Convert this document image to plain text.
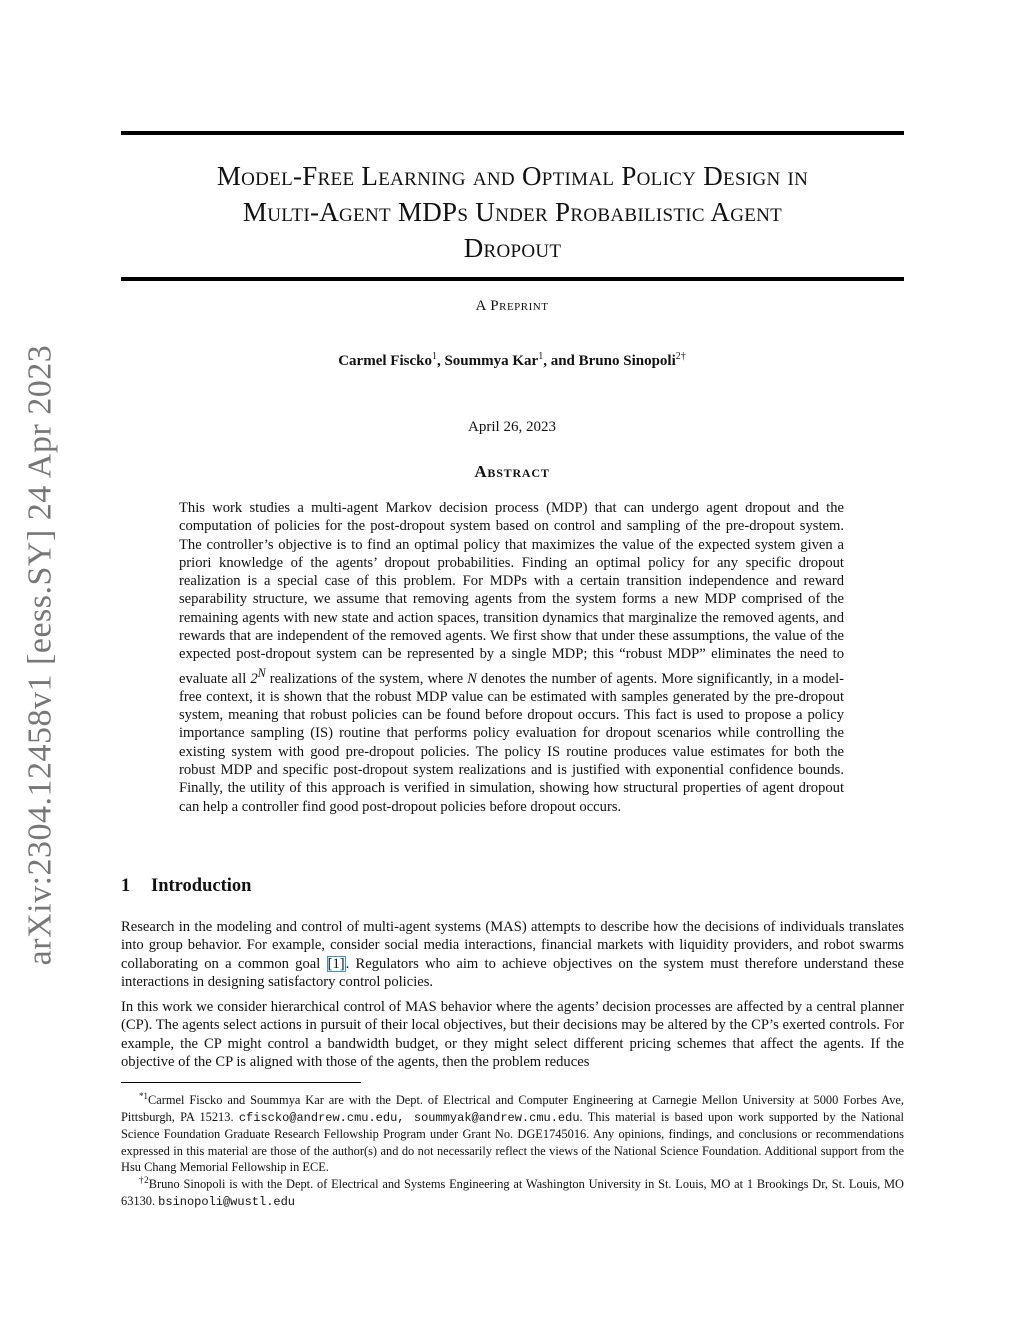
arXiv:2304.12458v1 [eess.SY] 24 Apr 2023
Model-Free Learning and Optimal Policy Design in
Multi-Agent MDPs Under Probabilistic Agent
Dropout
A Preprint
Carmel Fiscko$^1$, Soummya Kar$^1$, and Bruno Sinopoli$^{2\dagger}$
April 26, 2023
Abstract
This work studies a multi-agent Markov decision process (MDP) that can undergo agent dropout and the computation of policies for the post-dropout system based on control and sampling of the pre-dropout system. The controller’s objective is to find an optimal policy that maximizes the value of the expected system given a priori knowledge of the agents’ dropout probabilities. Finding an optimal policy for any specific dropout realization is a special case of this problem. For MDPs with a certain transition independence and reward separability structure, we assume that removing agents from the system forms a new MDP comprised of the remaining agents with new state and action spaces, transition dynamics that marginalize the removed agents, and rewards that are independent of the removed agents. We first show that under these assumptions, the value of the expected post-dropout system can be represented by a single MDP; this “robust MDP” eliminates the need to evaluate all $2^N$ realizations of the system, where N denotes the number of agents. More significantly, in a model-free context, it is shown that the robust MDP value can be estimated with samples generated by the pre-dropout system, meaning that robust policies can be found before dropout occurs. This fact is used to propose a policy importance sampling (IS) routine that performs policy evaluation for dropout scenarios while controlling the existing system with good pre-dropout policies. The policy IS routine produces value estimates for both the robust MDP and specific post-dropout system realizations and is justified with exponential confidence bounds. Finally, the utility of this approach is verified in simulation, showing how structural properties of agent dropout can help a controller find good post-dropout policies before dropout occurs.
1 Introduction
Research in the modeling and control of multi-agent systems (MAS) attempts to describe how the decisions of individuals translates into group behavior. For example, consider social media interactions, financial markets with liquidity providers, and robot swarms collaborating on a common goal [1]. Regulators who aim to achieve objectives on the system must therefore understand these interactions in designing satisfactory control policies.
In this work we consider hierarchical control of MAS behavior where the agents’ decision processes are affected by a central planner (CP). The agents select actions in pursuit of their local objectives, but their decisions may be altered by the CP’s exerted controls. For example, the CP might control a bandwidth budget, or they might select different pricing schemes that affect the agents. If the objective of the CP is aligned with those of the agents, then the problem reduces
$^{*1}$Carmel Fiscko and Soummya Kar are with the Dept. of Electrical and Computer Engineering at Carnegie Mellon University at 5000 Forbes Ave, Pittsburgh, PA 15213. cfiscko@andrew.cmu.edu, soummyak@andrew.cmu.edu. This material is based upon work supported by the National Science Foundation Graduate Research Fellowship Program under Grant No. DGE1745016. Any opinions, findings, and conclusions or recommendations expressed in this material are those of the author(s) and do not necessarily reflect the views of the National Science Foundation. Additional support from the Hsu Chang Memorial Fellowship in ECE.
$^{\dagger 2}$Bruno Sinopoli is with the Dept. of Electrical and Systems Engineering at Washington University in St. Louis, MO at 1 Brookings Dr, St. Louis, MO 63130. bsinopoli@wustl.edu
